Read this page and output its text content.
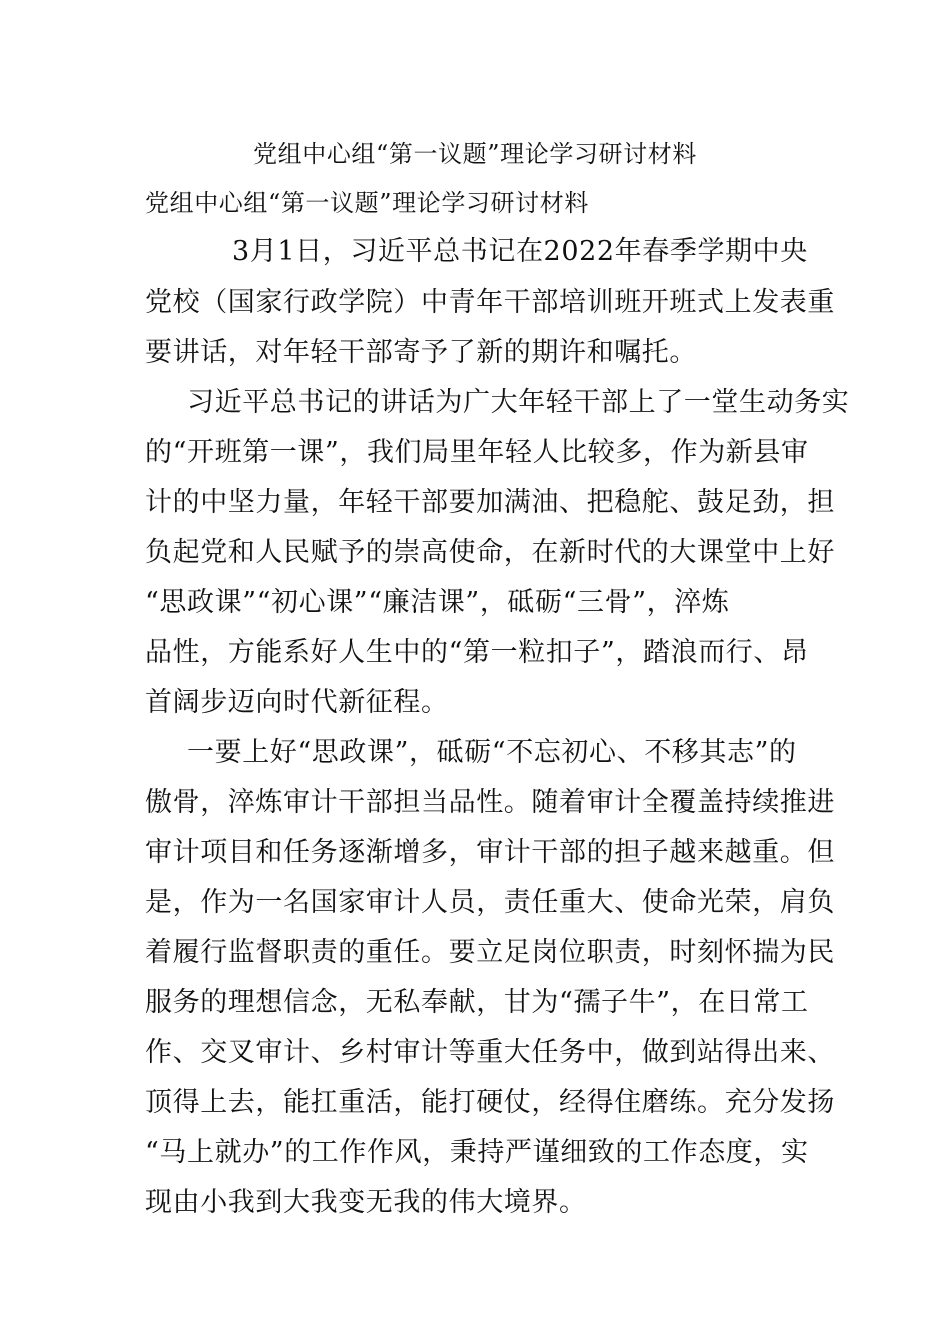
党组中心组“第一议题”理论学习研讨材料
党组中心组“第一议题”理论学习研讨材料
3月1日，习近平总书记在2022年春季学期中央
党校（国家行政学院）中青年干部培训班开班式上发表重
要讲话，对年轻干部寄予了新的期许和嘱托。
习近平总书记的讲话为广大年轻干部上了一堂生动务实
的“开班第一课”，我们局里年轻人比较多，作为新县审
计的中坚力量，年轻干部要加满油、把稳舵、鼓足劲，担
负起党和人民赋予的崇高使命，在新时代的大课堂中上好
“思政课”“初心课”“廉洁课”，砥砺“三骨”，淬炼
品性，方能系好人生中的“第一粒扣子”，踏浪而行、昂
首阔步迈向时代新征程。
一要上好“思政课”，砥砺“不忘初心、不移其志”的
傲骨，淬炼审计干部担当品性。随着审计全覆盖持续推进
审计项目和任务逐渐增多，审计干部的担子越来越重。但
是，作为一名国家审计人员，责任重大、使命光荣，肩负
着履行监督职责的重任。要立足岗位职责，时刻怀揣为民
服务的理想信念，无私奉献，甘为“孺子牛”，在日常工
作、交叉审计、乡村审计等重大任务中，做到站得出来、
顶得上去，能扛重活，能打硬仗，经得住磨练。充分发扬
“马上就办”的工作作风，秉持严谨细致的工作态度，实
现由小我到大我变无我的伟大境界。
